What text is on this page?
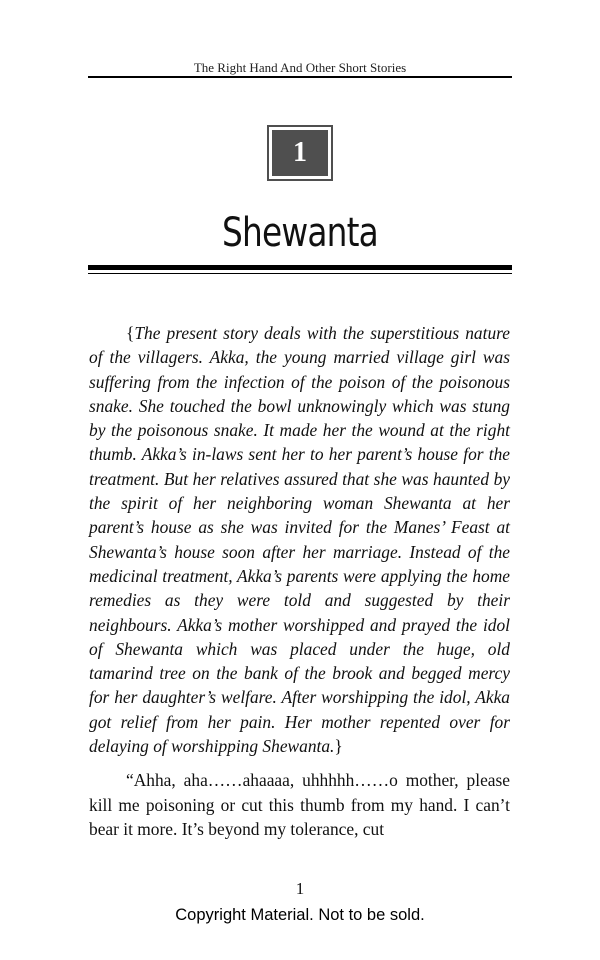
The Right Hand And Other Short Stories
1
Shewanta

{The present story deals with the superstitious nature of the villagers. Akka, the young married village girl was suffering from the infection of the poison of the poisonous snake. She touched the bowl unknowingly which was stung by the poisonous snake. It made her the wound at the right thumb. Akka’s in-laws sent her to her parent’s house for the treatment. But her relatives assured that she was haunted by the spirit of her neighboring woman Shewanta at her parent’s house as she was invited for the Manes’ Feast at Shewanta’s house soon after her marriage. Instead of the medicinal treatment, Akka’s parents were applying the home remedies as they were told and suggested by their neighbours. Akka’s mother worshipped and prayed the idol of Shewanta which was placed under the huge, old tamarind tree on the bank of the brook and begged mercy for her daughter’s welfare. After worshipping the idol, Akka got relief from her pain. Her mother repented over for delaying of worshipping Shewanta.}

“Ahha, aha……ahaaaa, uhhhhh……o mother, please kill me poisoning or cut this thumb from my hand. I can’t bear it more. It’s beyond my tolerance, cut

1
Copyright Material. Not to be sold.
